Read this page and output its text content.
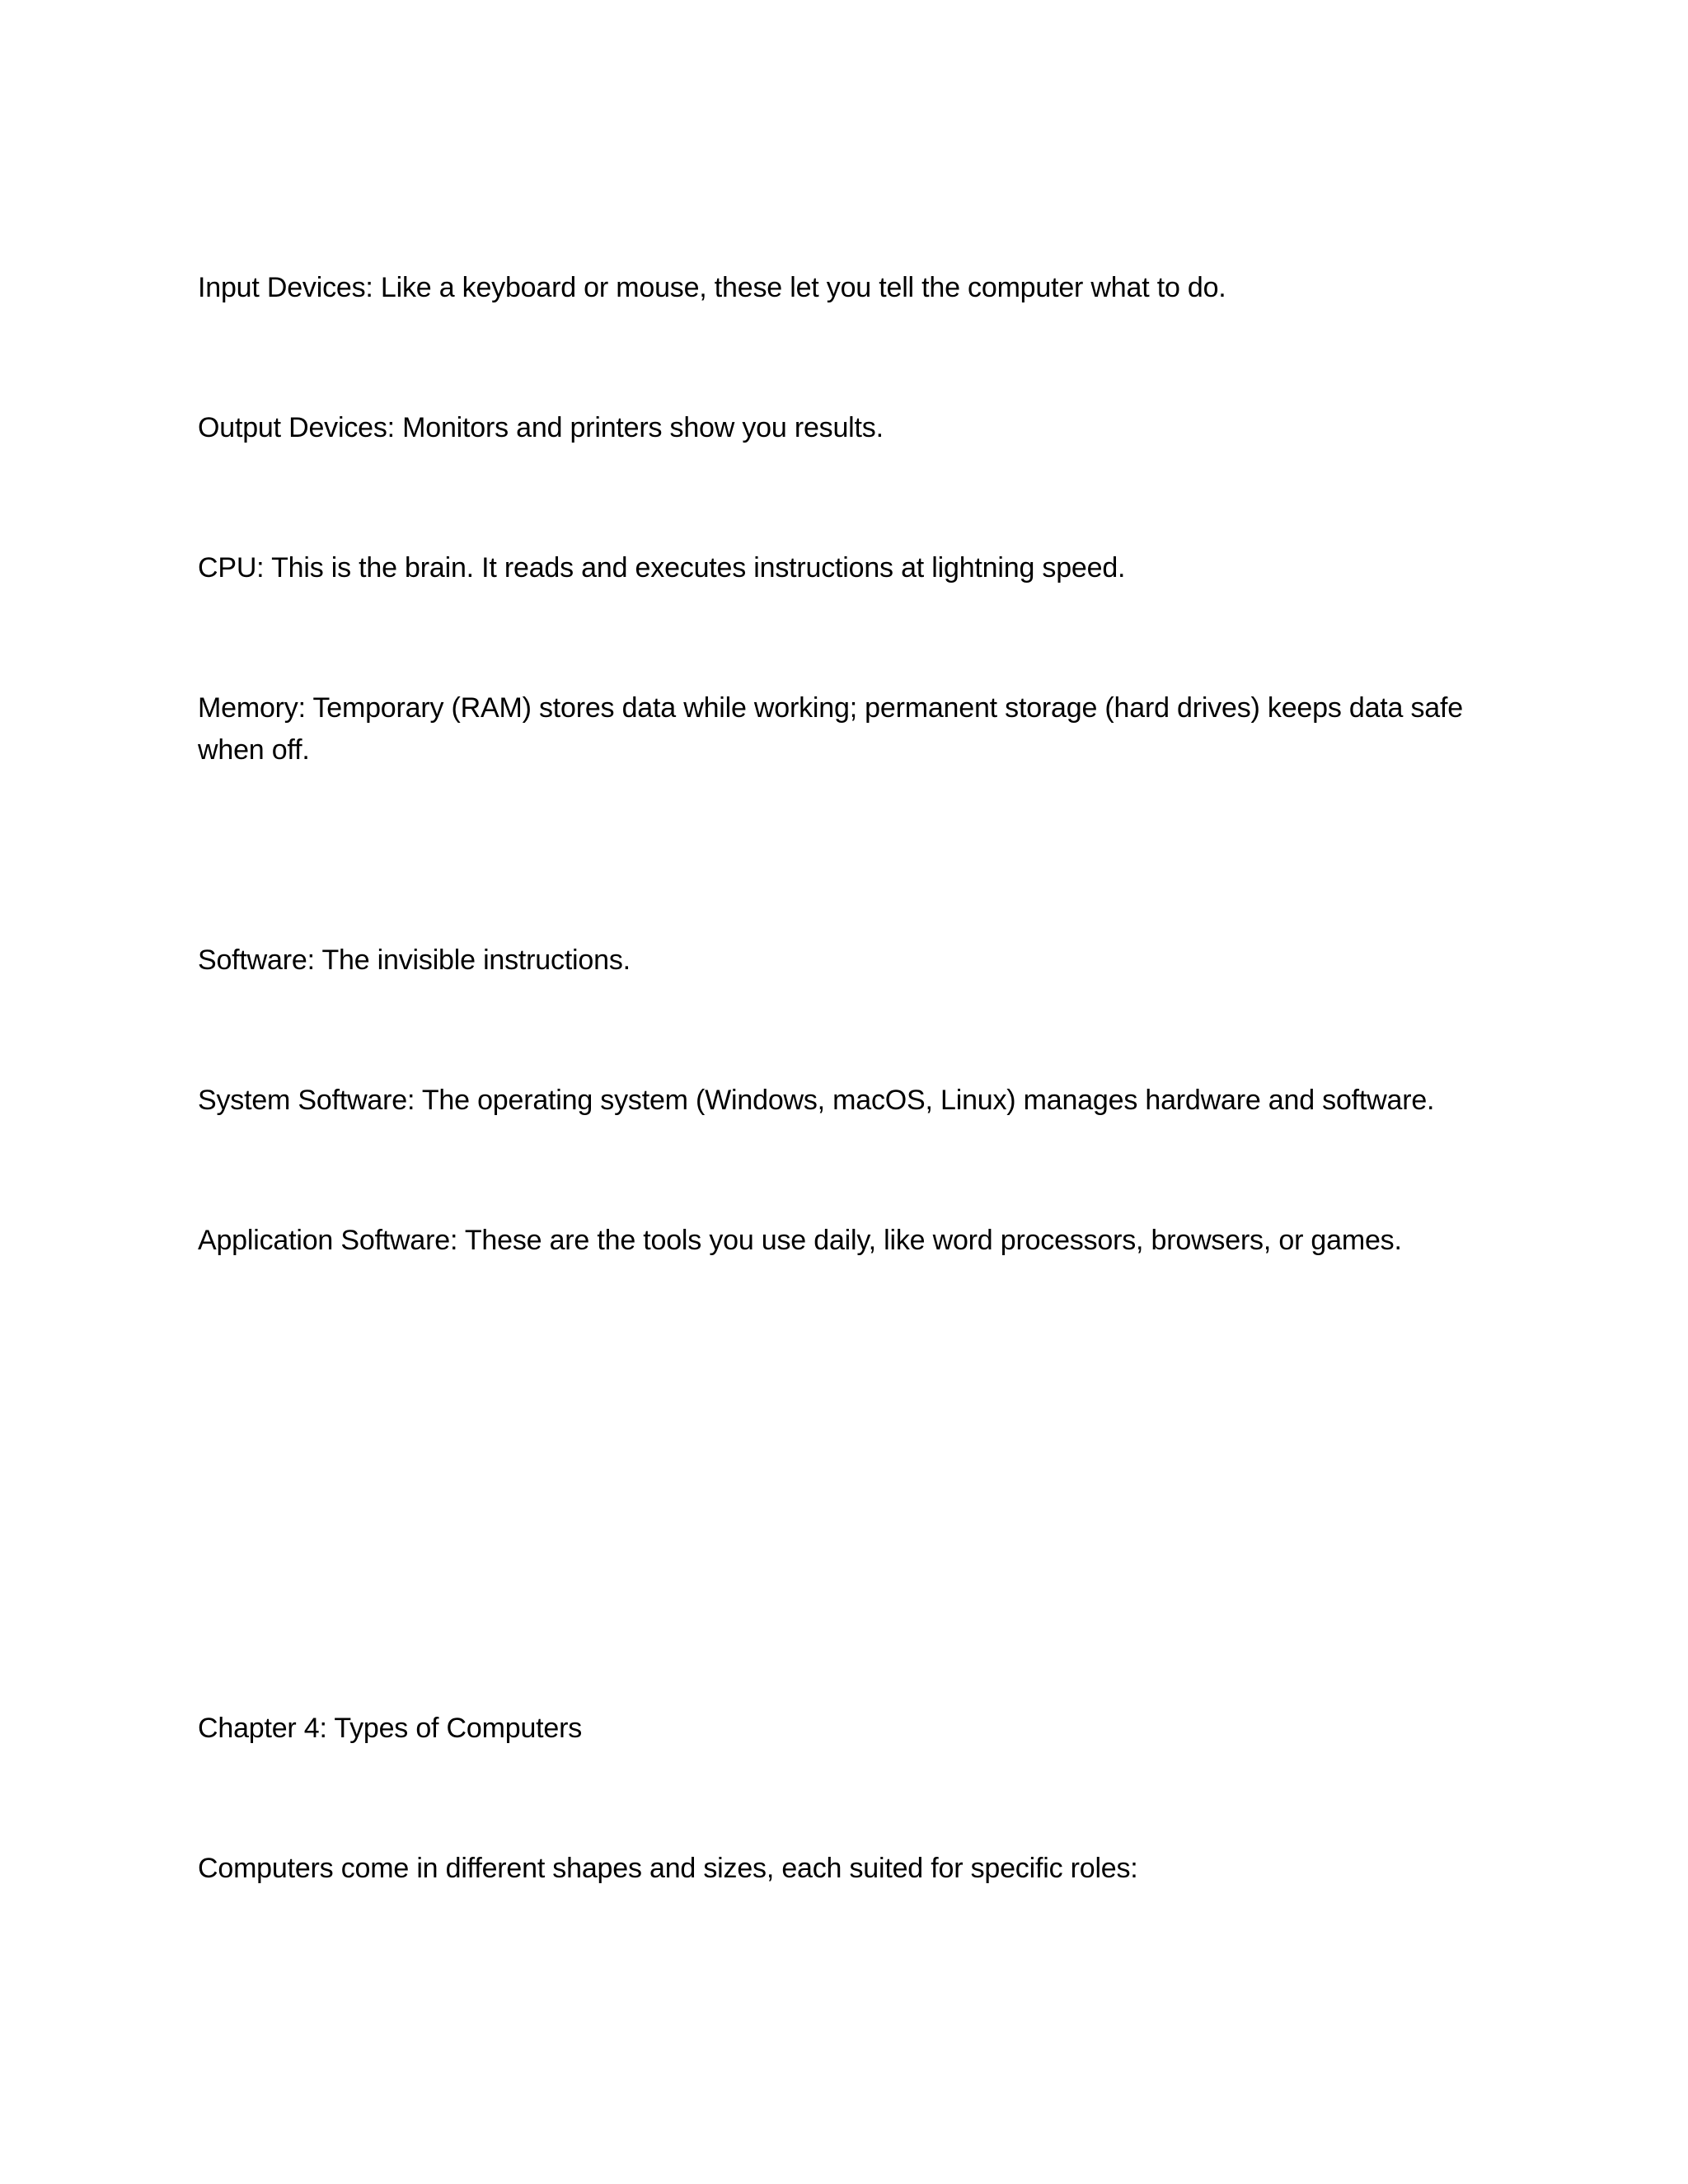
Input Devices: Like a keyboard or mouse, these let you tell the computer what to do.

Output Devices: Monitors and printers show you results.

CPU: This is the brain. It reads and executes instructions at lightning speed.

Memory: Temporary (RAM) stores data while working; permanent storage (hard drives) keeps data safe when off.

Software: The invisible instructions.

System Software: The operating system (Windows, macOS, Linux) manages hardware and software.

Application Software: These are the tools you use daily, like word processors, browsers, or games.

Chapter 4: Types of Computers

Computers come in different shapes and sizes, each suited for specific roles:
